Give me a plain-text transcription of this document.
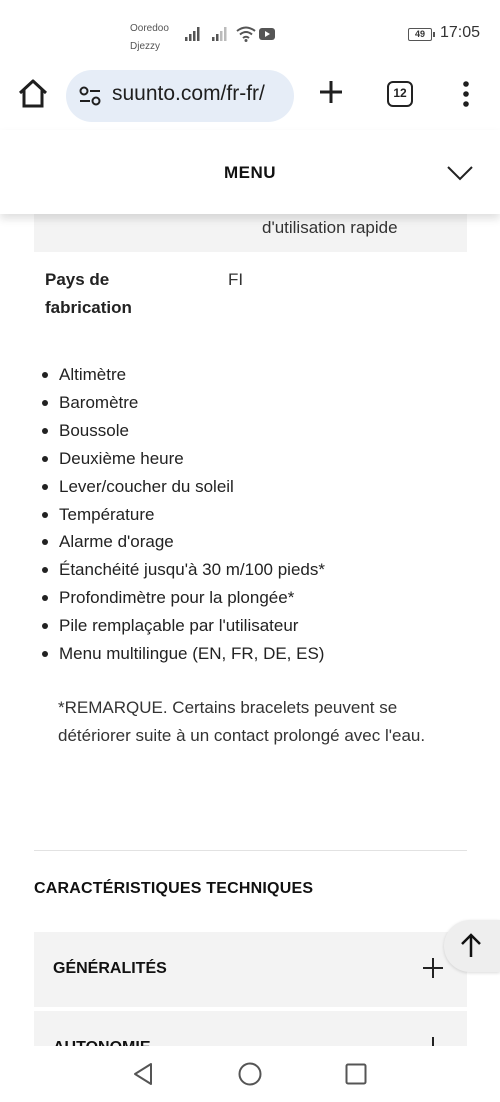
Ooredoo
Djezzy
49 17:05
suunto.com/fr-fr/	12
MENU
d'utilisation rapide
Pays de fabrication
FI
Altimètre
Baromètre
Boussole
Deuxième heure
Lever/coucher du soleil
Température
Alarme d'orage
Étanchéité jusqu'à 30 m/100 pieds*
Profondimètre pour la plongée*
Pile remplaçable par l'utilisateur
Menu multilingue (EN, FR, DE, ES)
*REMARQUE. Certains bracelets peuvent se détériorer suite à un contact prolongé avec l'eau.
CARACTÉRISTIQUES TECHNIQUES
GÉNÉRALITÉS
